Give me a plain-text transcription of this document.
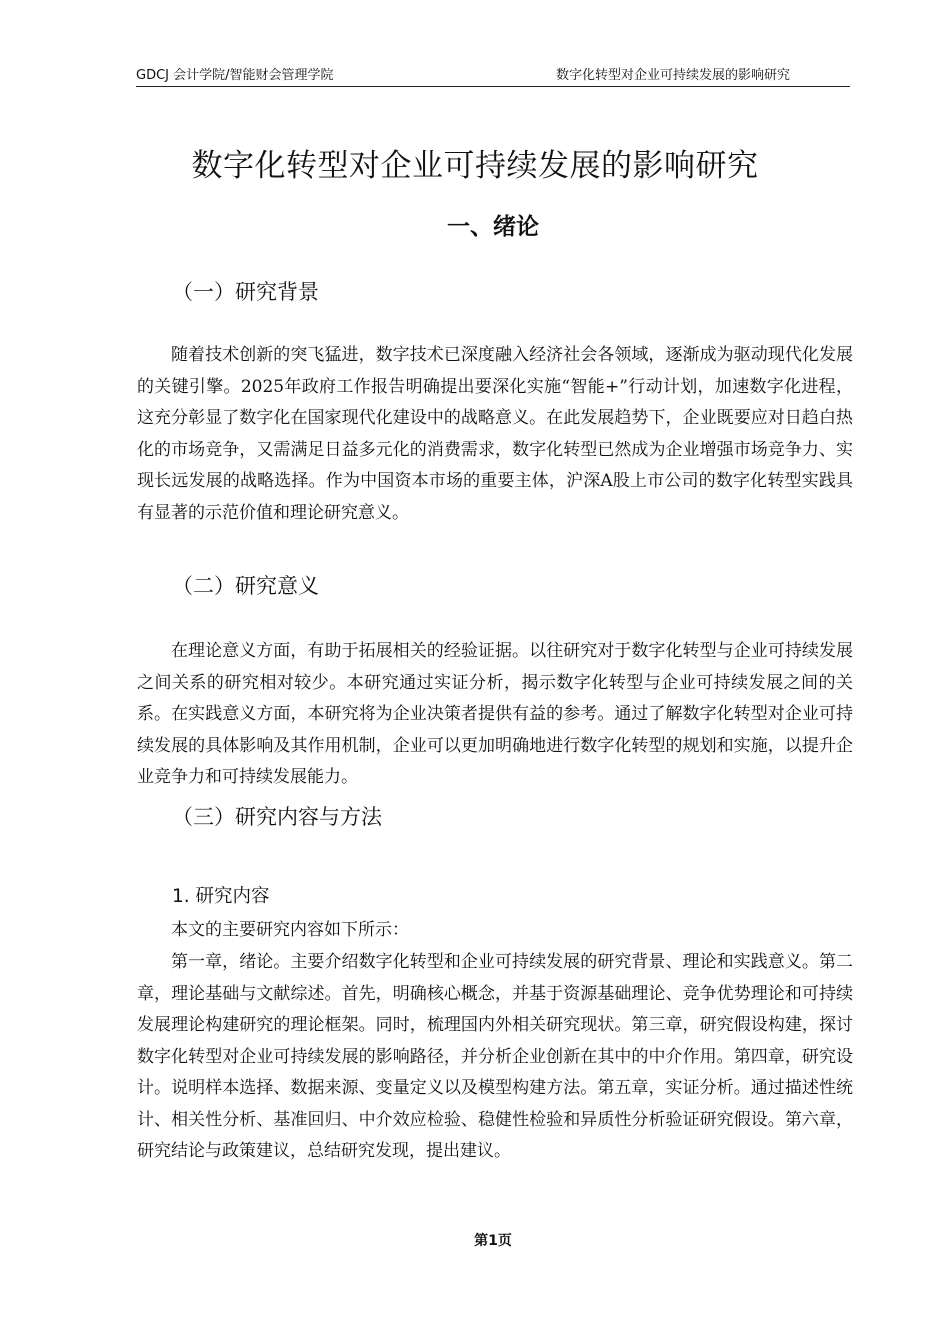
GDCJ 会计学院/智能财会管理学院	数字化转型对企业可持续发展的影响研究
数字化转型对企业可持续发展的影响研究
一、绪论
（一）研究背景

随着技术创新的突飞猛进，数字技术已深度融入经济社会各领域，逐渐成为驱动现代化发展的关键引擎。2025年政府工作报告明确提出要深化实施“智能+”行动计划，加速数字化进程，这充分彰显了数字化在国家现代化建设中的战略意义。在此发展趋势下，企业既要应对日趋白热化的市场竞争，又需满足日益多元化的消费需求，数字化转型已然成为企业增强市场竞争力、实现长远发展的战略选择。作为中国资本市场的重要主体，沪深A股上市公司的数字化转型实践具有显著的示范价值和理论研究意义。

（二）研究意义

在理论意义方面，有助于拓展相关的经验证据。以往研究对于数字化转型与企业可持续发展之间关系的研究相对较少。本研究通过实证分析，揭示数字化转型与企业可持续发展之间的关系。在实践意义方面，本研究将为企业决策者提供有益的参考。通过了解数字化转型对企业可持续发展的具体影响及其作用机制，企业可以更加明确地进行数字化转型的规划和实施，以提升企业竞争力和可持续发展能力。

（三）研究内容与方法
1. 研究内容

本文的主要研究内容如下所示：

第一章，绪论。主要介绍数字化转型和企业可持续发展的研究背景、理论和实践意义。第二章，理论基础与文献综述。首先，明确核心概念，并基于资源基础理论、竞争优势理论和可持续发展理论构建研究的理论框架。同时，梳理国内外相关研究现状。第三章，研究假设构建，探讨数字化转型对企业可持续发展的影响路径，并分析企业创新在其中的中介作用。第四章，研究设计。说明样本选择、数据来源、变量定义以及模型构建方法。第五章，实证分析。通过描述性统计、相关性分析、基准回归、中介效应检验、稳健性检验和异质性分析验证研究假设。第六章，研究结论与政策建议，总结研究发现，提出建议。

第1页
